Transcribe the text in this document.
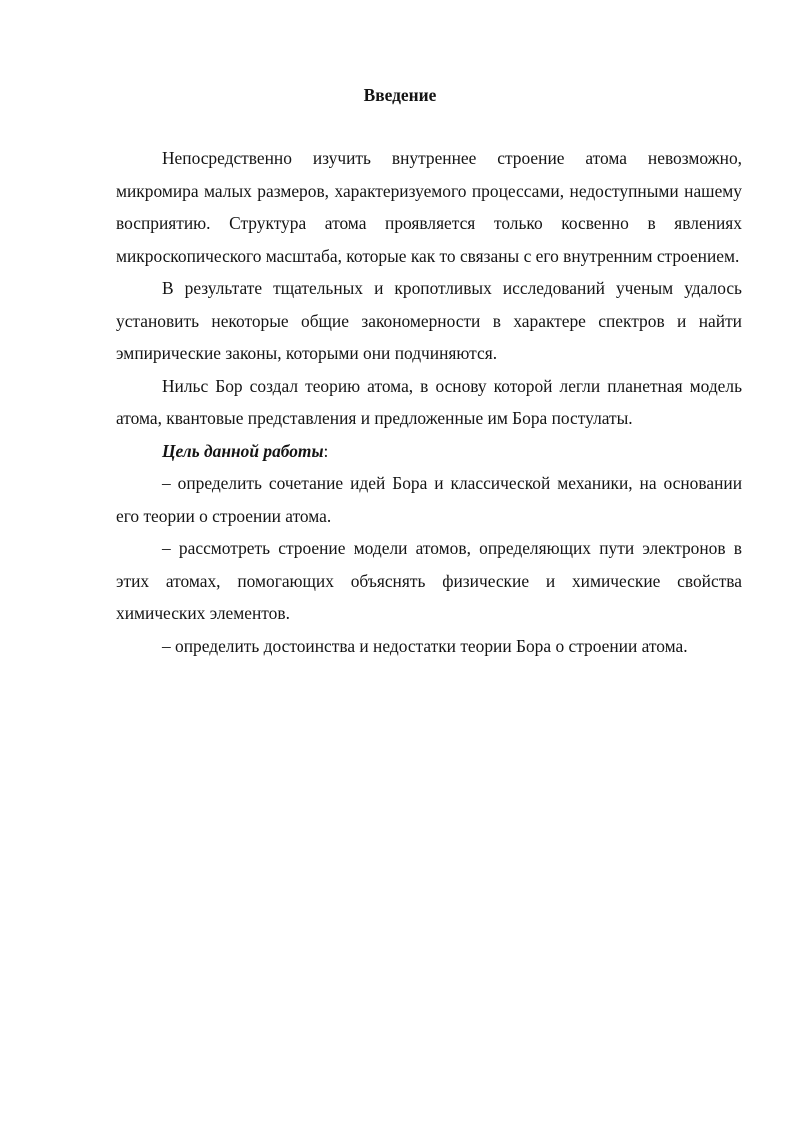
Введение

Непосредственно изучить внутреннее строение атома невозможно, микромира малых размеров, характеризуемого процессами, недоступными нашему восприятию. Структура атома проявляется только косвенно в явлениях микроскопического масштаба, которые как то связаны с его внутренним строением.

В результате тщательных и кропотливых исследований ученым удалось установить некоторые общие закономерности в характере спектров и найти эмпирические законы, которыми они подчиняются.

Нильс Бор создал теорию атома, в основу которой легли планетная модель атома, квантовые представления и предложенные им Бора постулаты.

Цель данной работы:

– определить сочетание идей Бора и классической механики, на основании его теории о строении атома.

– рассмотреть строение модели атомов, определяющих пути электронов в этих атомах, помогающих объяснять физические и химические свойства химических элементов.

– определить достоинства и недостатки теории Бора о строении атома.
